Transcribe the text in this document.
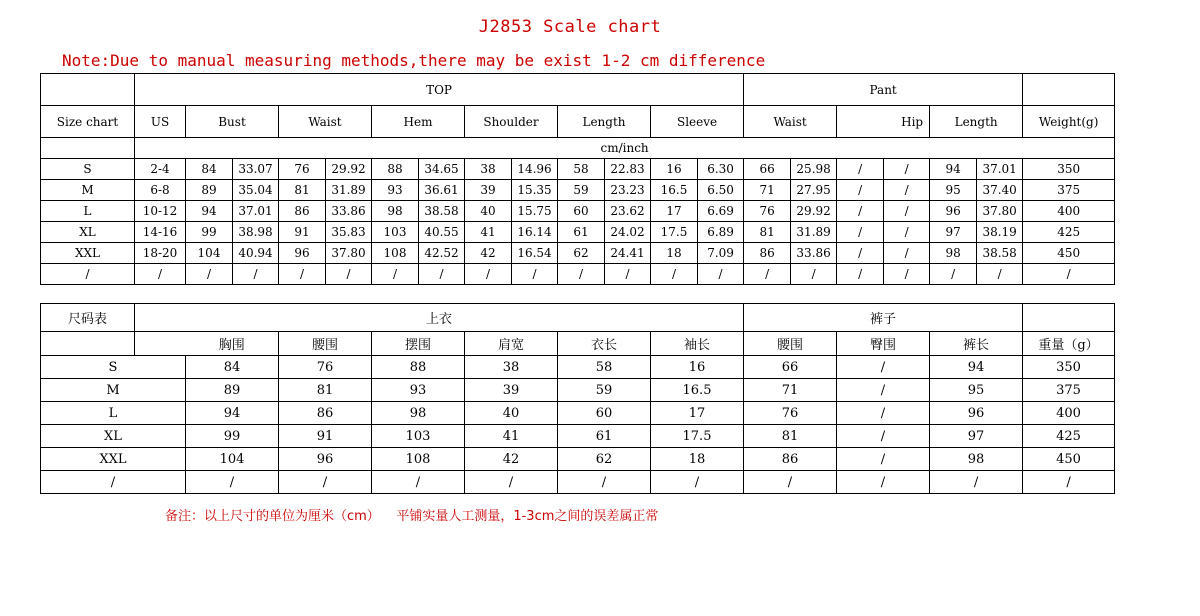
J2853 Scale chart
Note:Due to manual measuring methods,there may be exist 1-2 cm difference
	TOP													Pant						
Size chart	US	Bust		Waist		Hem		Shoulder		Length		Sleeve		Waist			Hip	Length		Weight(g)
	cm/inch																			
S	2-4	84	33.07	76	29.92	88	34.65	38	14.96	58	22.83	16	6.30	66	25.98	/	/	94	37.01	350
M	6-8	89	35.04	81	31.89	93	36.61	39	15.35	59	23.23	16.5	6.50	71	27.95	/	/	95	37.40	375
L	10-12	94	37.01	86	33.86	98	38.58	40	15.75	60	23.62	17	6.69	76	29.92	/	/	96	37.80	400
XL	14-16	99	38.98	91	35.83	103	40.55	41	16.14	61	24.02	17.5	6.89	81	31.89	/	/	97	38.19	425
XXL	18-20	104	40.94	96	37.80	108	42.52	42	16.54	62	24.41	18	7.09	86	33.86	/	/	98	38.58	450
/	/	/	/	/	/	/	/	/	/	/	/	/	/	/	/	/	/	/	/	/
尺码表	上衣							裤子			
		胸围	腰围	摆围	肩宽	衣长	袖长	腰围	臀围	裤长	重量（g）
S		84	76	88	38	58	16	66	/	94	350
M		89	81	93	39	59	16.5	71	/	95	375
L		94	86	98	40	60	17	76	/	96	400
XL		99	91	103	41	61	17.5	81	/	97	425
XXL		104	96	108	42	62	18	86	/	98	450
/		/	/	/	/	/	/	/	/	/	/
备注：以上尺寸的单位为厘米（cm）    平铺实量人工测量，1-3cm之间的误差属正常
